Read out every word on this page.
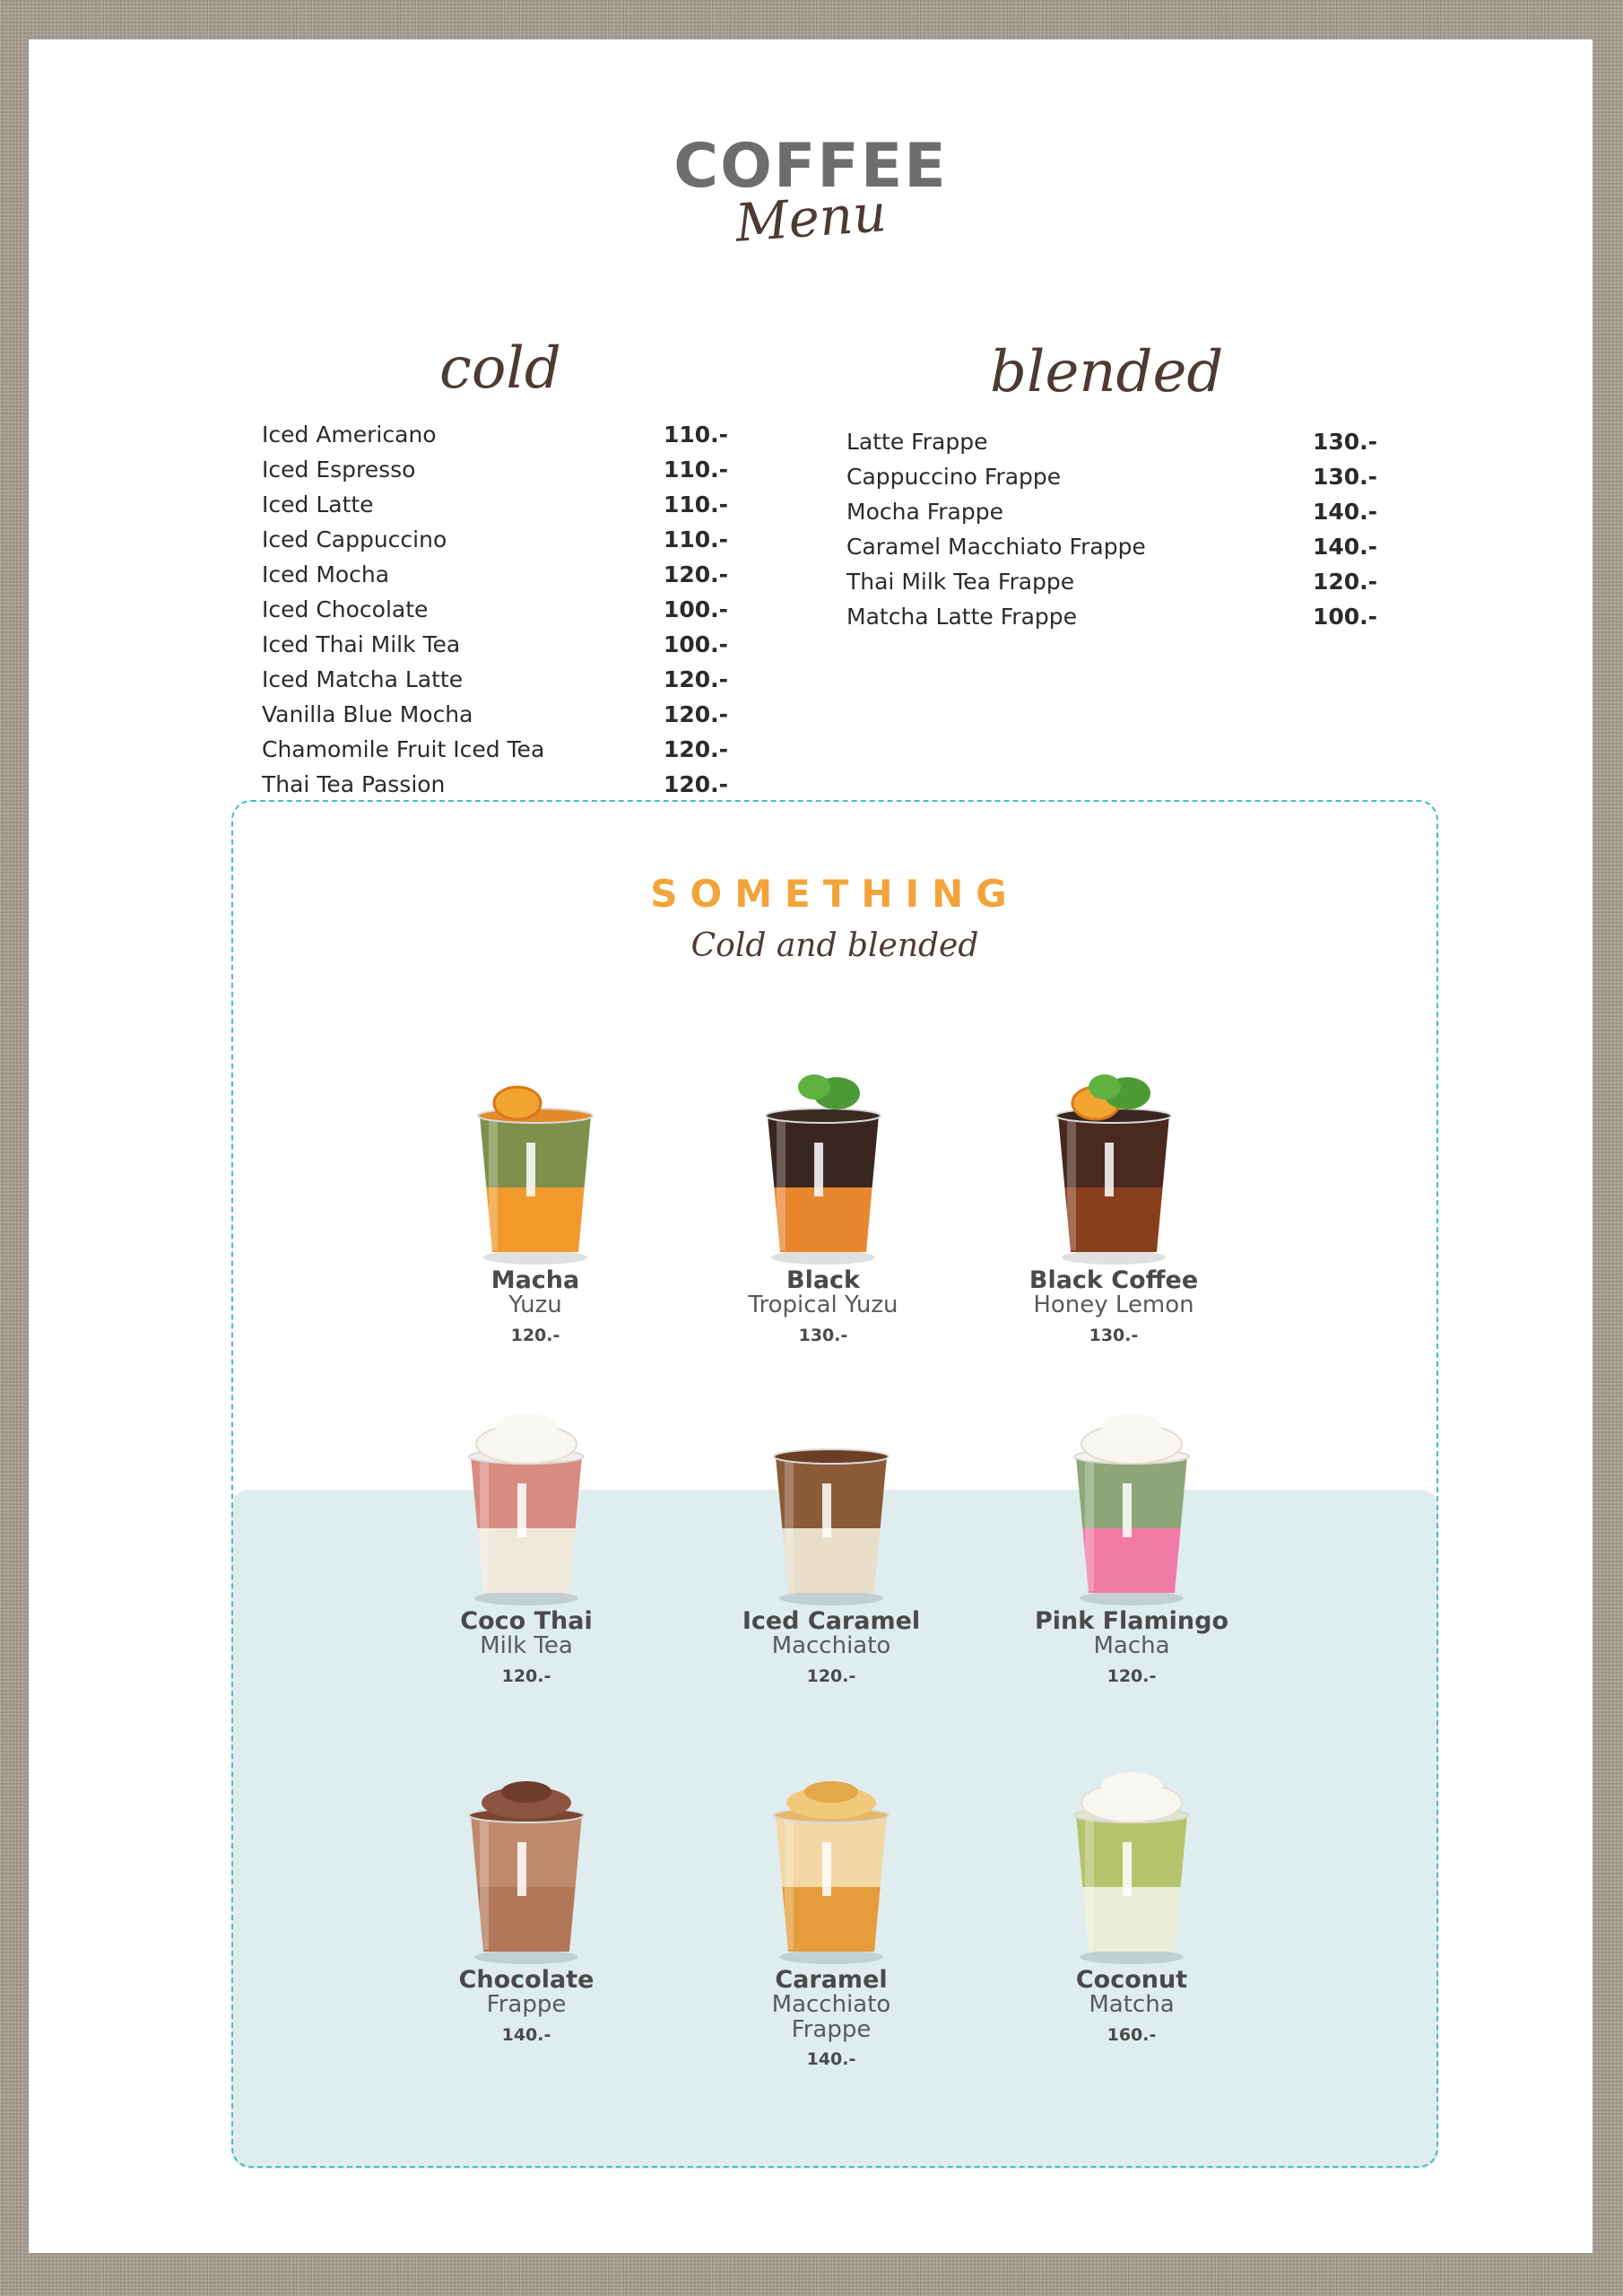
COFFEE
Menu
cold
Iced Americano	110.-
Iced Espresso	110.-
Iced Latte	110.-
Iced Cappuccino	110.-
Iced Mocha	120.-
Iced Chocolate	100.-
Iced Thai Milk Tea	100.-
Iced Matcha Latte	120.-
Vanilla Blue Mocha	120.-
Chamomile Fruit Iced Tea	120.-
Thai Tea Passion	120.-
blended
Latte Frappe	130.-
Cappuccino Frappe	130.-
Mocha Frappe	140.-
Caramel Macchiato Frappe	140.-
Thai Milk Tea Frappe	120.-
Matcha Latte Frappe	100.-
SOMETHING
Cold and blended
Macha
Yuzu
120.-
Black
Tropical Yuzu
130.-
Black Coffee
Honey Lemon
130.-
Coco Thai
Milk Tea
120.-
Iced Caramel
Macchiato
120.-
Pink Flamingo
Macha
120.-
Chocolate
Frappe
140.-
Caramel
Macchiato
Frappe
140.-
Coconut
Matcha
160.-
